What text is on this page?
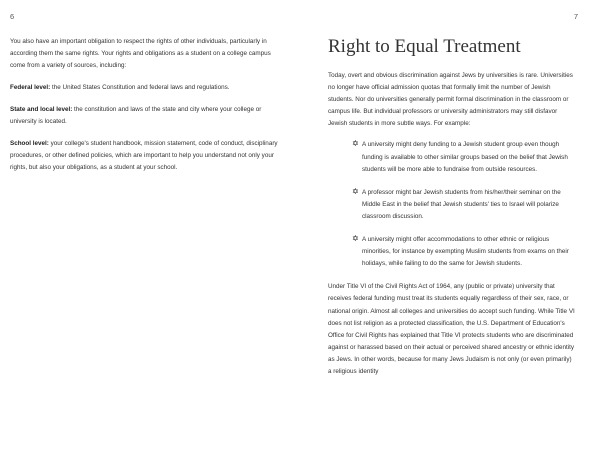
6

You also have an important obligation to respect the rights of other individuals, particularly in according them the same rights. Your rights and obligations as a student on a college campus come from a variety of sources, including:

Federal level: the United States Constitution and federal laws and regulations.

State and local level: the constitution and laws of the state and city where your college or university is located.

School level: your college's student handbook, mission statement, code of conduct, disciplinary procedures, or other defined policies, which are important to help you understand not only your rights, but also your obligations, as a student at your school.

7
Right to Equal Treatment

Today, overt and obvious discrimination against Jews by universities is rare. Universities no longer have official admission quotas that formally limit the number of Jewish students. Nor do universities generally permit formal discrimination in the classroom or campus life. But individual professors or university administrators may still disfavor Jewish students in more subtle ways. For example:

✡ A university might deny funding to a Jewish student group even though funding is available to other similar groups based on the belief that Jewish students will be more able to fundraise from outside resources.
✡ A professor might bar Jewish students from his/her/their seminar on the Middle East in the belief that Jewish students' ties to Israel will polarize classroom discussion.
✡ A university might offer accommodations to other ethnic or religious minorities, for instance by exempting Muslim students from exams on their holidays, while failing to do the same for Jewish students.

Under Title VI of the Civil Rights Act of 1964, any (public or private) university that receives federal funding must treat its students equally regardless of their sex, race, or national origin. Almost all colleges and universities do accept such funding. While Title VI does not list religion as a protected classification, the U.S. Department of Education's Office for Civil Rights has explained that Title VI protects students who are discriminated against or harassed based on their actual or perceived shared ancestry or ethnic identity as Jews. In other words, because for many Jews Judaism is not only (or even primarily) a religious identity
